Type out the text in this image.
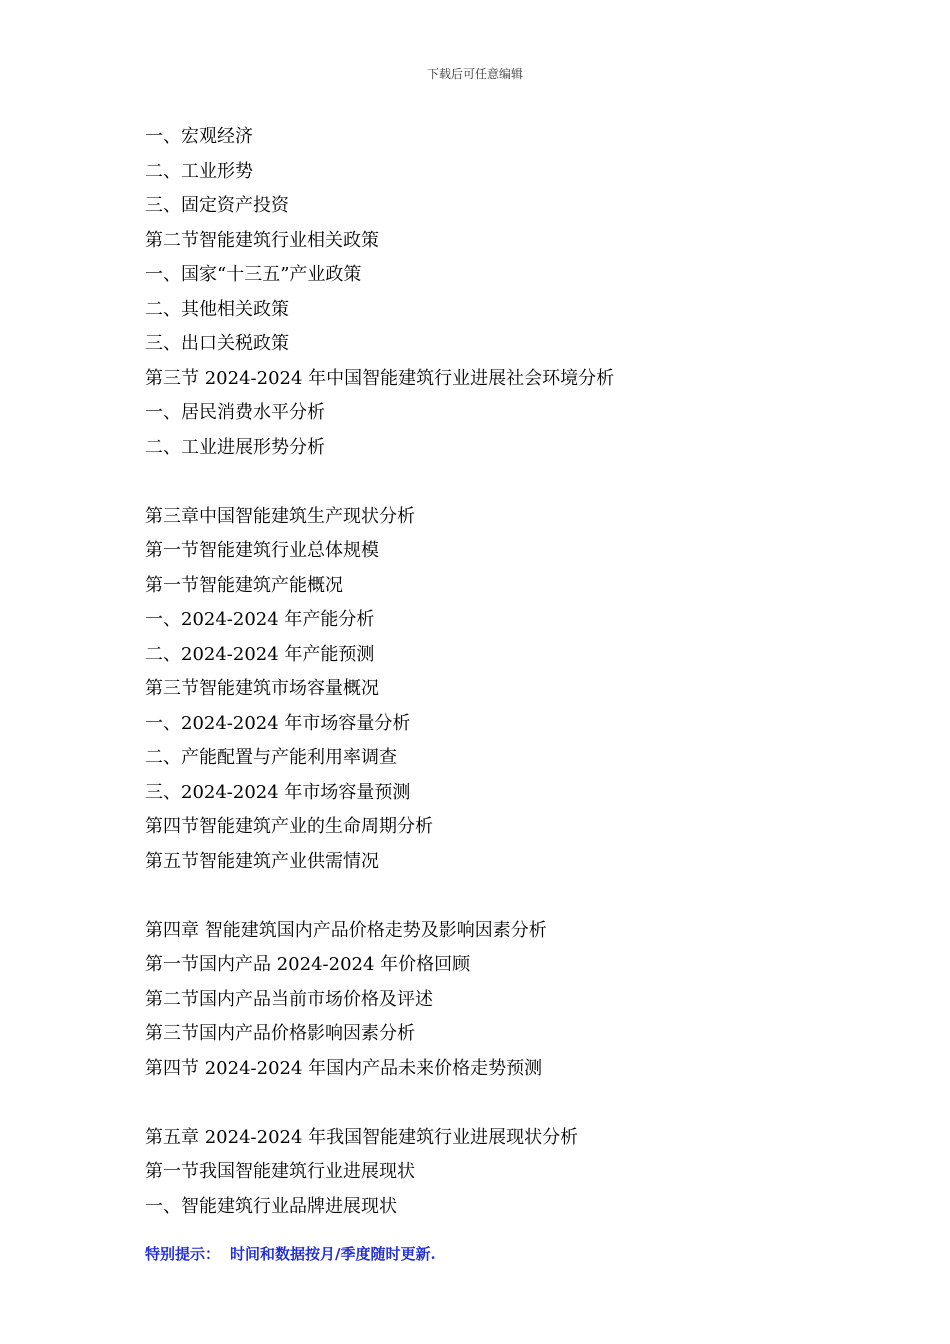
下载后可任意编辑
一、宏观经济
二、工业形势
三、固定资产投资
第二节智能建筑行业相关政策
一、国家“十三五”产业政策
二、其他相关政策
三、出口关税政策
第三节 2024-2024 年中国智能建筑行业进展社会环境分析
一、居民消费水平分析
二、工业进展形势分析
第三章中国智能建筑生产现状分析
第一节智能建筑行业总体规模
第一节智能建筑产能概况
一、2024-2024 年产能分析
二、2024-2024 年产能预测
第三节智能建筑市场容量概况
一、2024-2024 年市场容量分析
二、产能配置与产能利用率调查
三、2024-2024 年市场容量预测
第四节智能建筑产业的生命周期分析
第五节智能建筑产业供需情况
第四章 智能建筑国内产品价格走势及影响因素分析
第一节国内产品 2024-2024 年价格回顾
第二节国内产品当前市场价格及评述
第三节国内产品价格影响因素分析
第四节 2024-2024 年国内产品未来价格走势预测
第五章 2024-2024 年我国智能建筑行业进展现状分析
第一节我国智能建筑行业进展现状
一、智能建筑行业品牌进展现状
特别提示： 时间和数据按月/季度随时更新.
